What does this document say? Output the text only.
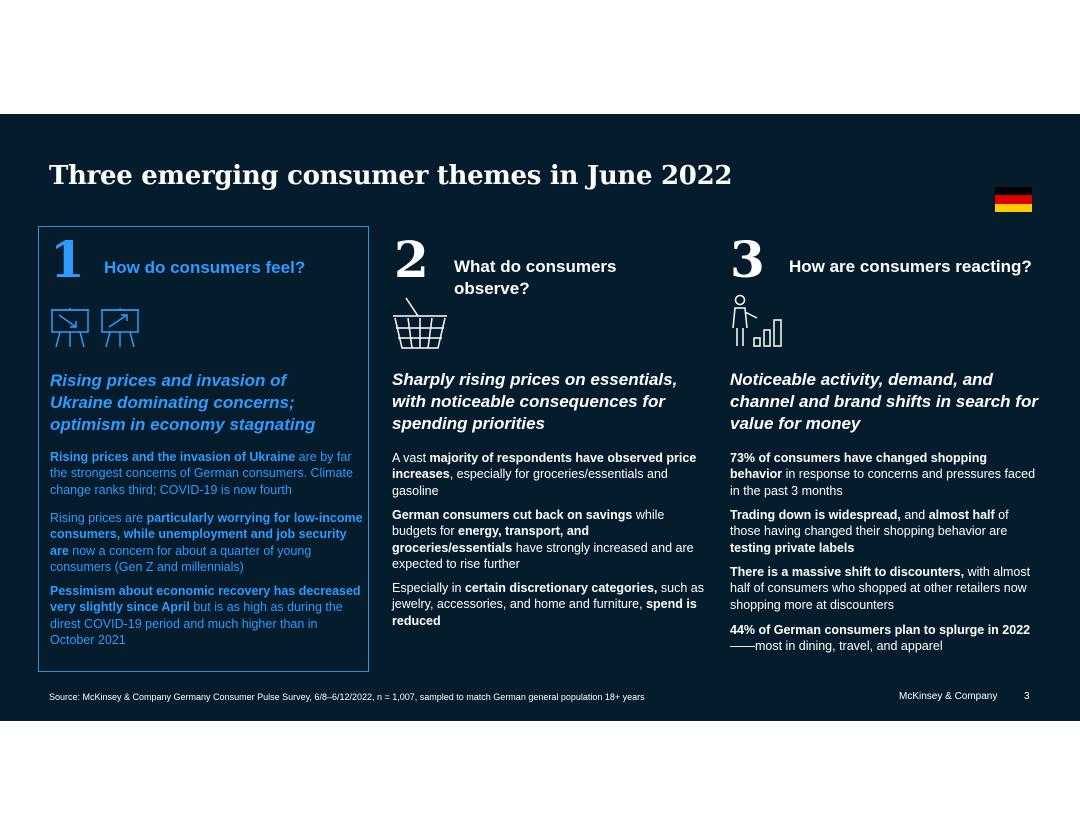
Three emerging consumer themes in June 2022
1 How do consumers feel?

Rising prices and invasion of Ukraine dominating concerns; optimism in economy stagnating

Rising prices and the invasion of Ukraine are by far the strongest concerns of German consumers. Climate change ranks third; COVID-19 is now fourth

Rising prices are particularly worrying for low-income consumers, while unemployment and job security are now a concern for about a quarter of young consumers (Gen Z and millennials)

Pessimism about economic recovery has decreased very slightly since April but is as high as during the direst COVID-19 period and much higher than in October 2021

2 What do consumers observe?

Sharply rising prices on essentials, with noticeable consequences for spending priorities

A vast majority of respondents have observed price increases, especially for groceries/essentials and gasoline

German consumers cut back on savings while budgets for energy, transport, and groceries/essentials have strongly increased and are expected to rise further

Especially in certain discretionary categories, such as jewelry, accessories, and home and furniture, spend is reduced

3 How are consumers reacting?

Noticeable activity, demand, and channel and brand shifts in search for value for money

73% of consumers have changed shopping behavior in response to concerns and pressures faced in the past 3 months

Trading down is widespread, and almost half of those having changed their shopping behavior are testing private labels

There is a massive shift to discounters, with almost half of consumers who shopped at other retailers now shopping more at discounters

44% of German consumers plan to splurge in 2022——most in dining, travel, and apparel

Source: McKinsey & Company Germany Consumer Pulse Survey, 6/8–6/12/2022, n = 1,007, sampled to match German general population 18+ years	McKinsey & Company	3
